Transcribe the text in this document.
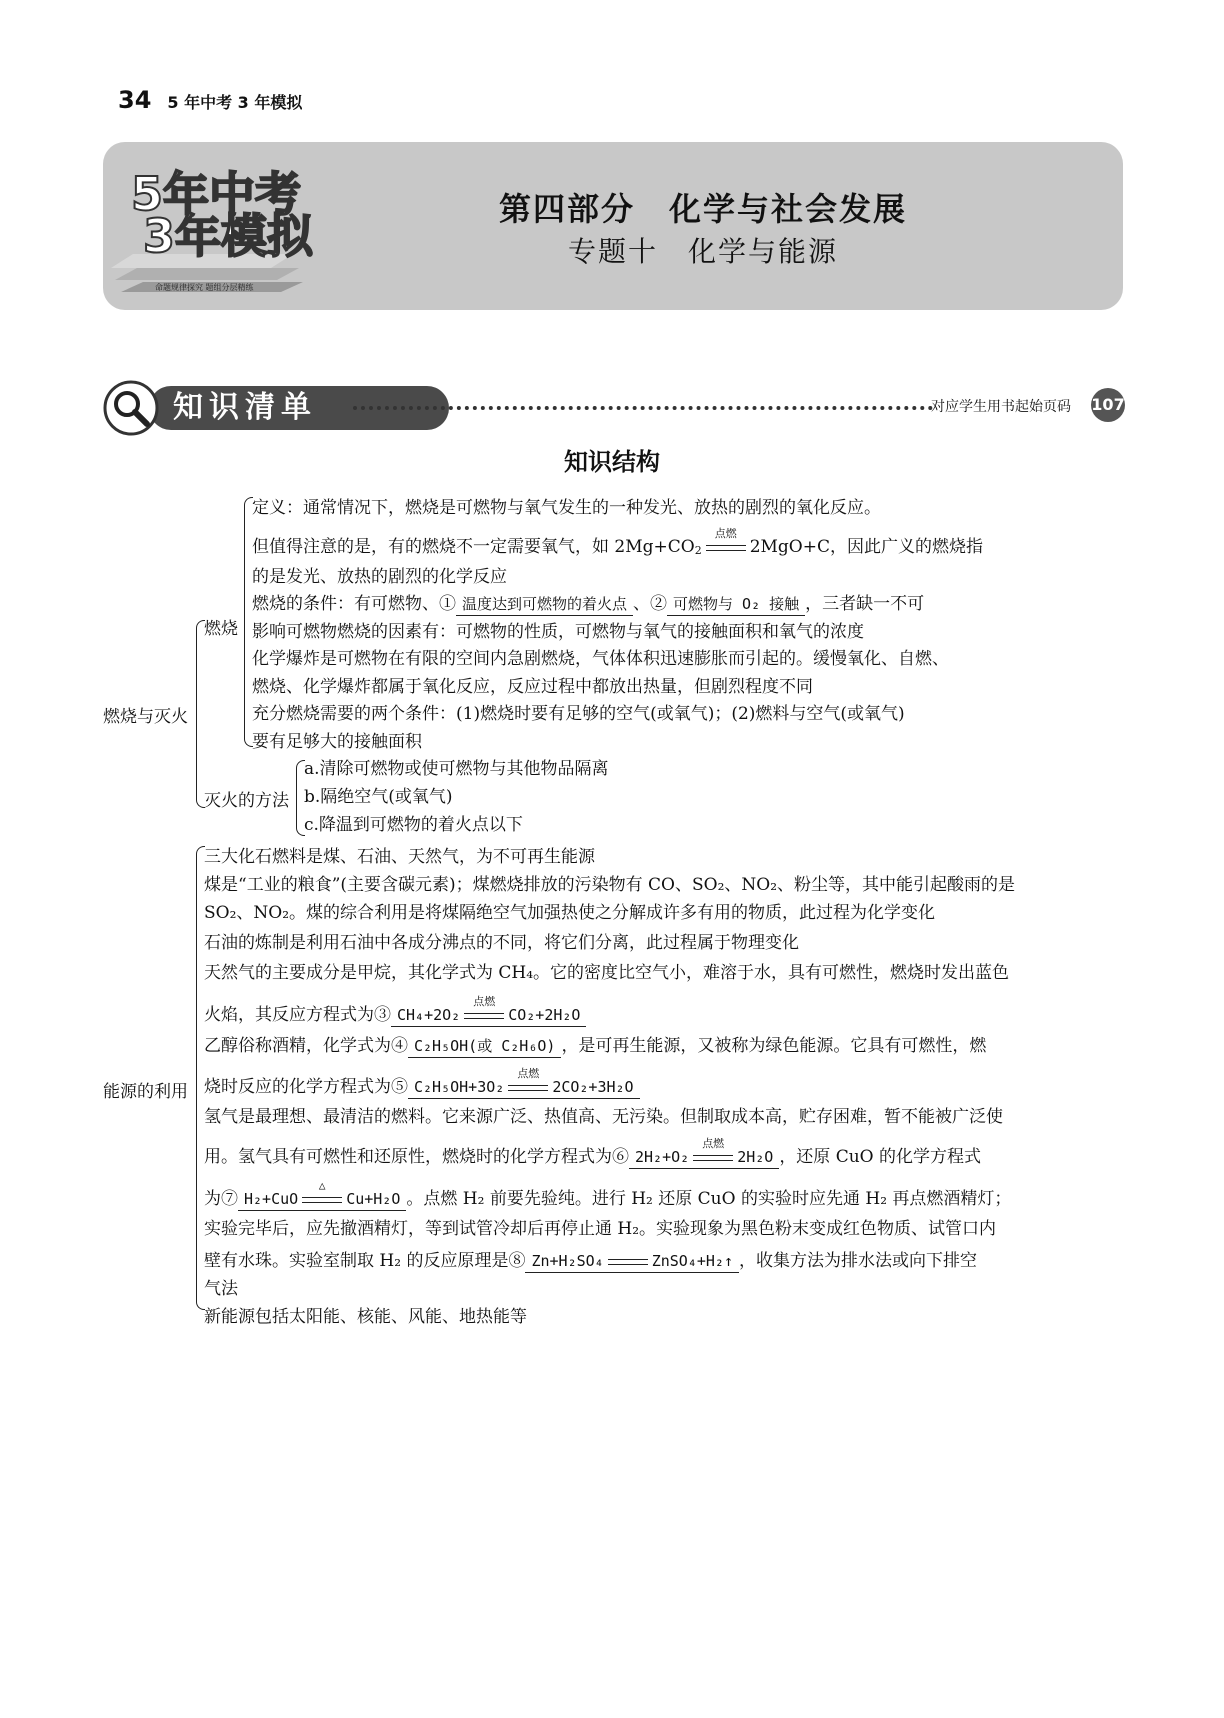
34 5 年中考 3 年模拟
5年中考
3年模拟
命题规律探究 题组分层精练
第四部分　化学与社会发展
专题十　化学与能源
知识清单	对应学生用书起始页码 107
知识结构
燃烧与灭火
燃烧
定义：通常情况下，燃烧是可燃物与氧气发生的一种发光、放热的剧烈的氧化反应。
但值得注意的是，有的燃烧不一定需要氧气，如 $2Mg+CO_2$
点燃
2MgO+C，因此广义的燃烧指
的是发光、放热的剧烈的化学反应
燃烧的条件：有可燃物、① 温度达到可燃物的着火点 、② 可燃物与 O₂ 接触 ，三者缺一不可
影响可燃物燃烧的因素有：可燃物的性质，可燃物与氧气的接触面积和氧气的浓度
化学爆炸是可燃物在有限的空间内急剧燃烧，气体体积迅速膨胀而引起的。缓慢氧化、自燃、
燃烧、化学爆炸都属于氧化反应，反应过程中都放出热量，但剧烈程度不同
充分燃烧需要的两个条件：(1)燃烧时要有足够的空气(或氧气)；(2)燃料与空气(或氧气)
要有足够大的接触面积
灭火的方法
a.清除可燃物或使可燃物与其他物品隔离
b.隔绝空气(或氧气)
c.降温到可燃物的着火点以下
能源的利用
三大化石燃料是煤、石油、天然气，为不可再生能源
煤是“工业的粮食”(主要含碳元素)；煤燃烧排放的污染物有 CO、SO₂、NO₂、粉尘等，其中能引起酸雨的是
SO₂、NO₂。煤的综合利用是将煤隔绝空气加强热使之分解成许多有用的物质，此过程为化学变化
石油的炼制是利用石油中各成分沸点的不同，将它们分离，此过程属于物理变化
天然气的主要成分是甲烷，其化学式为 CH₄。它的密度比空气小，难溶于水，具有可燃性，燃烧时发出蓝色
火焰，其反应方程式为③ CH₄+2O₂
点燃
CO₂+2H₂O
乙醇俗称酒精，化学式为④ C₂H₅OH(或 C₂H₆O) ，是可再生能源，又被称为绿色能源。它具有可燃性，燃
烧时反应的化学方程式为⑤ C₂H₅OH+3O₂
点燃
2CO₂+3H₂O
氢气是最理想、最清洁的燃料。它来源广泛、热值高、无污染。但制取成本高，贮存困难，暂不能被广泛使
用。氢气具有可燃性和还原性，燃烧时的化学方程式为⑥ 2H₂+O₂
点燃
2H₂O ，还原 CuO 的化学方程式
为⑦ H₂+CuO
△
Cu+H₂O 。点燃 H₂ 前要先验纯。进行 H₂ 还原 CuO 的实验时应先通 H₂ 再点燃酒精灯；
实验完毕后，应先撤酒精灯，等到试管冷却后再停止通 H₂。实验现象为黑色粉末变成红色物质、试管口内
壁有水珠。实验室制取 H₂ 的反应原理是⑧ Zn+H₂SO₄	ZnSO₄+H₂↑ ，收集方法为排水法或向下排空
气法
新能源包括太阳能、核能、风能、地热能等
